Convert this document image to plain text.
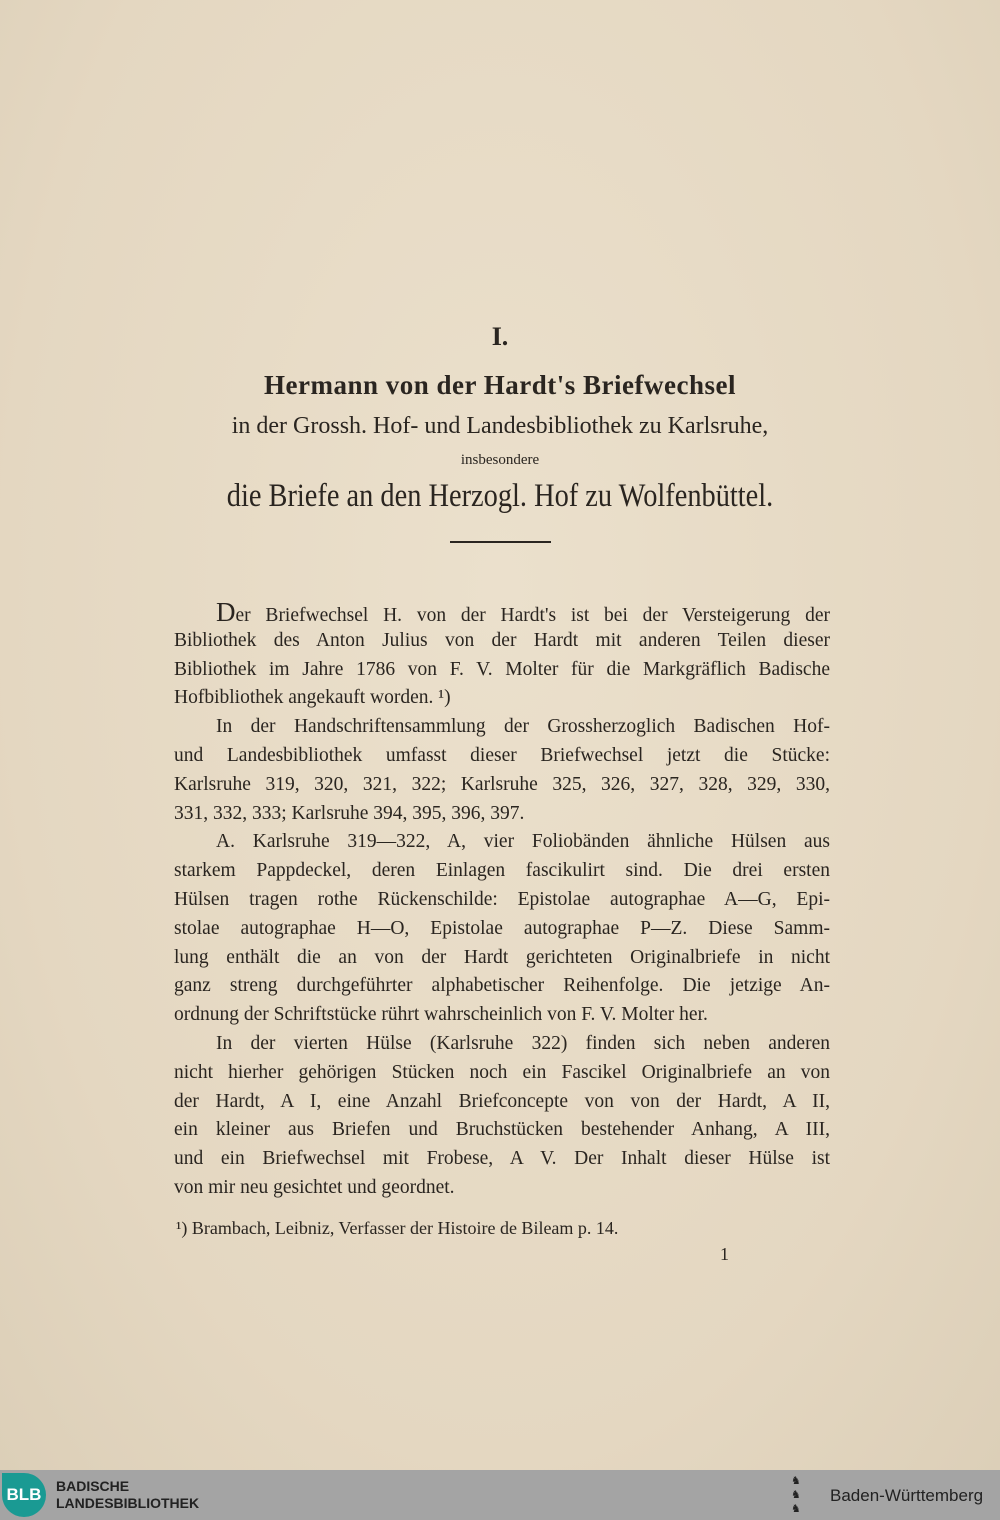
I.
Hermann von der Hardt's Briefwechsel
in der Grossh. Hof- und Landesbibliothek zu Karlsruhe,
insbesondere
die Briefe an den Herzogl. Hof zu Wolfenbüttel.
Der Briefwechsel H. von der Hardt's ist bei der Versteigerung der
Bibliothek des Anton Julius von der Hardt mit anderen Teilen dieser
Bibliothek im Jahre 1786 von F. V. Molter für die Markgräflich Badische
Hofbibliothek angekauft worden. ¹)
In der Handschriftensammlung der Grossherzoglich Badischen Hof-
und Landesbibliothek umfasst dieser Briefwechsel jetzt die Stücke:
Karlsruhe 319, 320, 321, 322; Karlsruhe 325, 326, 327, 328, 329, 330,
331, 332, 333; Karlsruhe 394, 395, 396, 397.
A. Karlsruhe 319—322, A, vier Foliobänden ähnliche Hülsen aus
starkem Pappdeckel, deren Einlagen fascikulirt sind. Die drei ersten
Hülsen tragen rothe Rückenschilde: Epistolae autographae A—G, Epi-
stolae autographae H—O, Epistolae autographae P—Z. Diese Samm-
lung enthält die an von der Hardt gerichteten Originalbriefe in nicht
ganz streng durchgeführter alphabetischer Reihenfolge. Die jetzige An-
ordnung der Schriftstücke rührt wahrscheinlich von F. V. Molter her.
In der vierten Hülse (Karlsruhe 322) finden sich neben anderen
nicht hierher gehörigen Stücken noch ein Fascikel Originalbriefe an von
der Hardt, A I, eine Anzahl Briefconcepte von von der Hardt, A II,
ein kleiner aus Briefen und Bruchstücken bestehender Anhang, A III,
und ein Briefwechsel mit Frobese, A V. Der Inhalt dieser Hülse ist
von mir neu gesichtet und geordnet.
¹) Brambach, Leibniz, Verfasser der Histoire de Bileam p. 14.
1
BLB	BADISCHE
LANDESBIBLIOTHEK
♞
♞
♞
Baden-Württemberg
